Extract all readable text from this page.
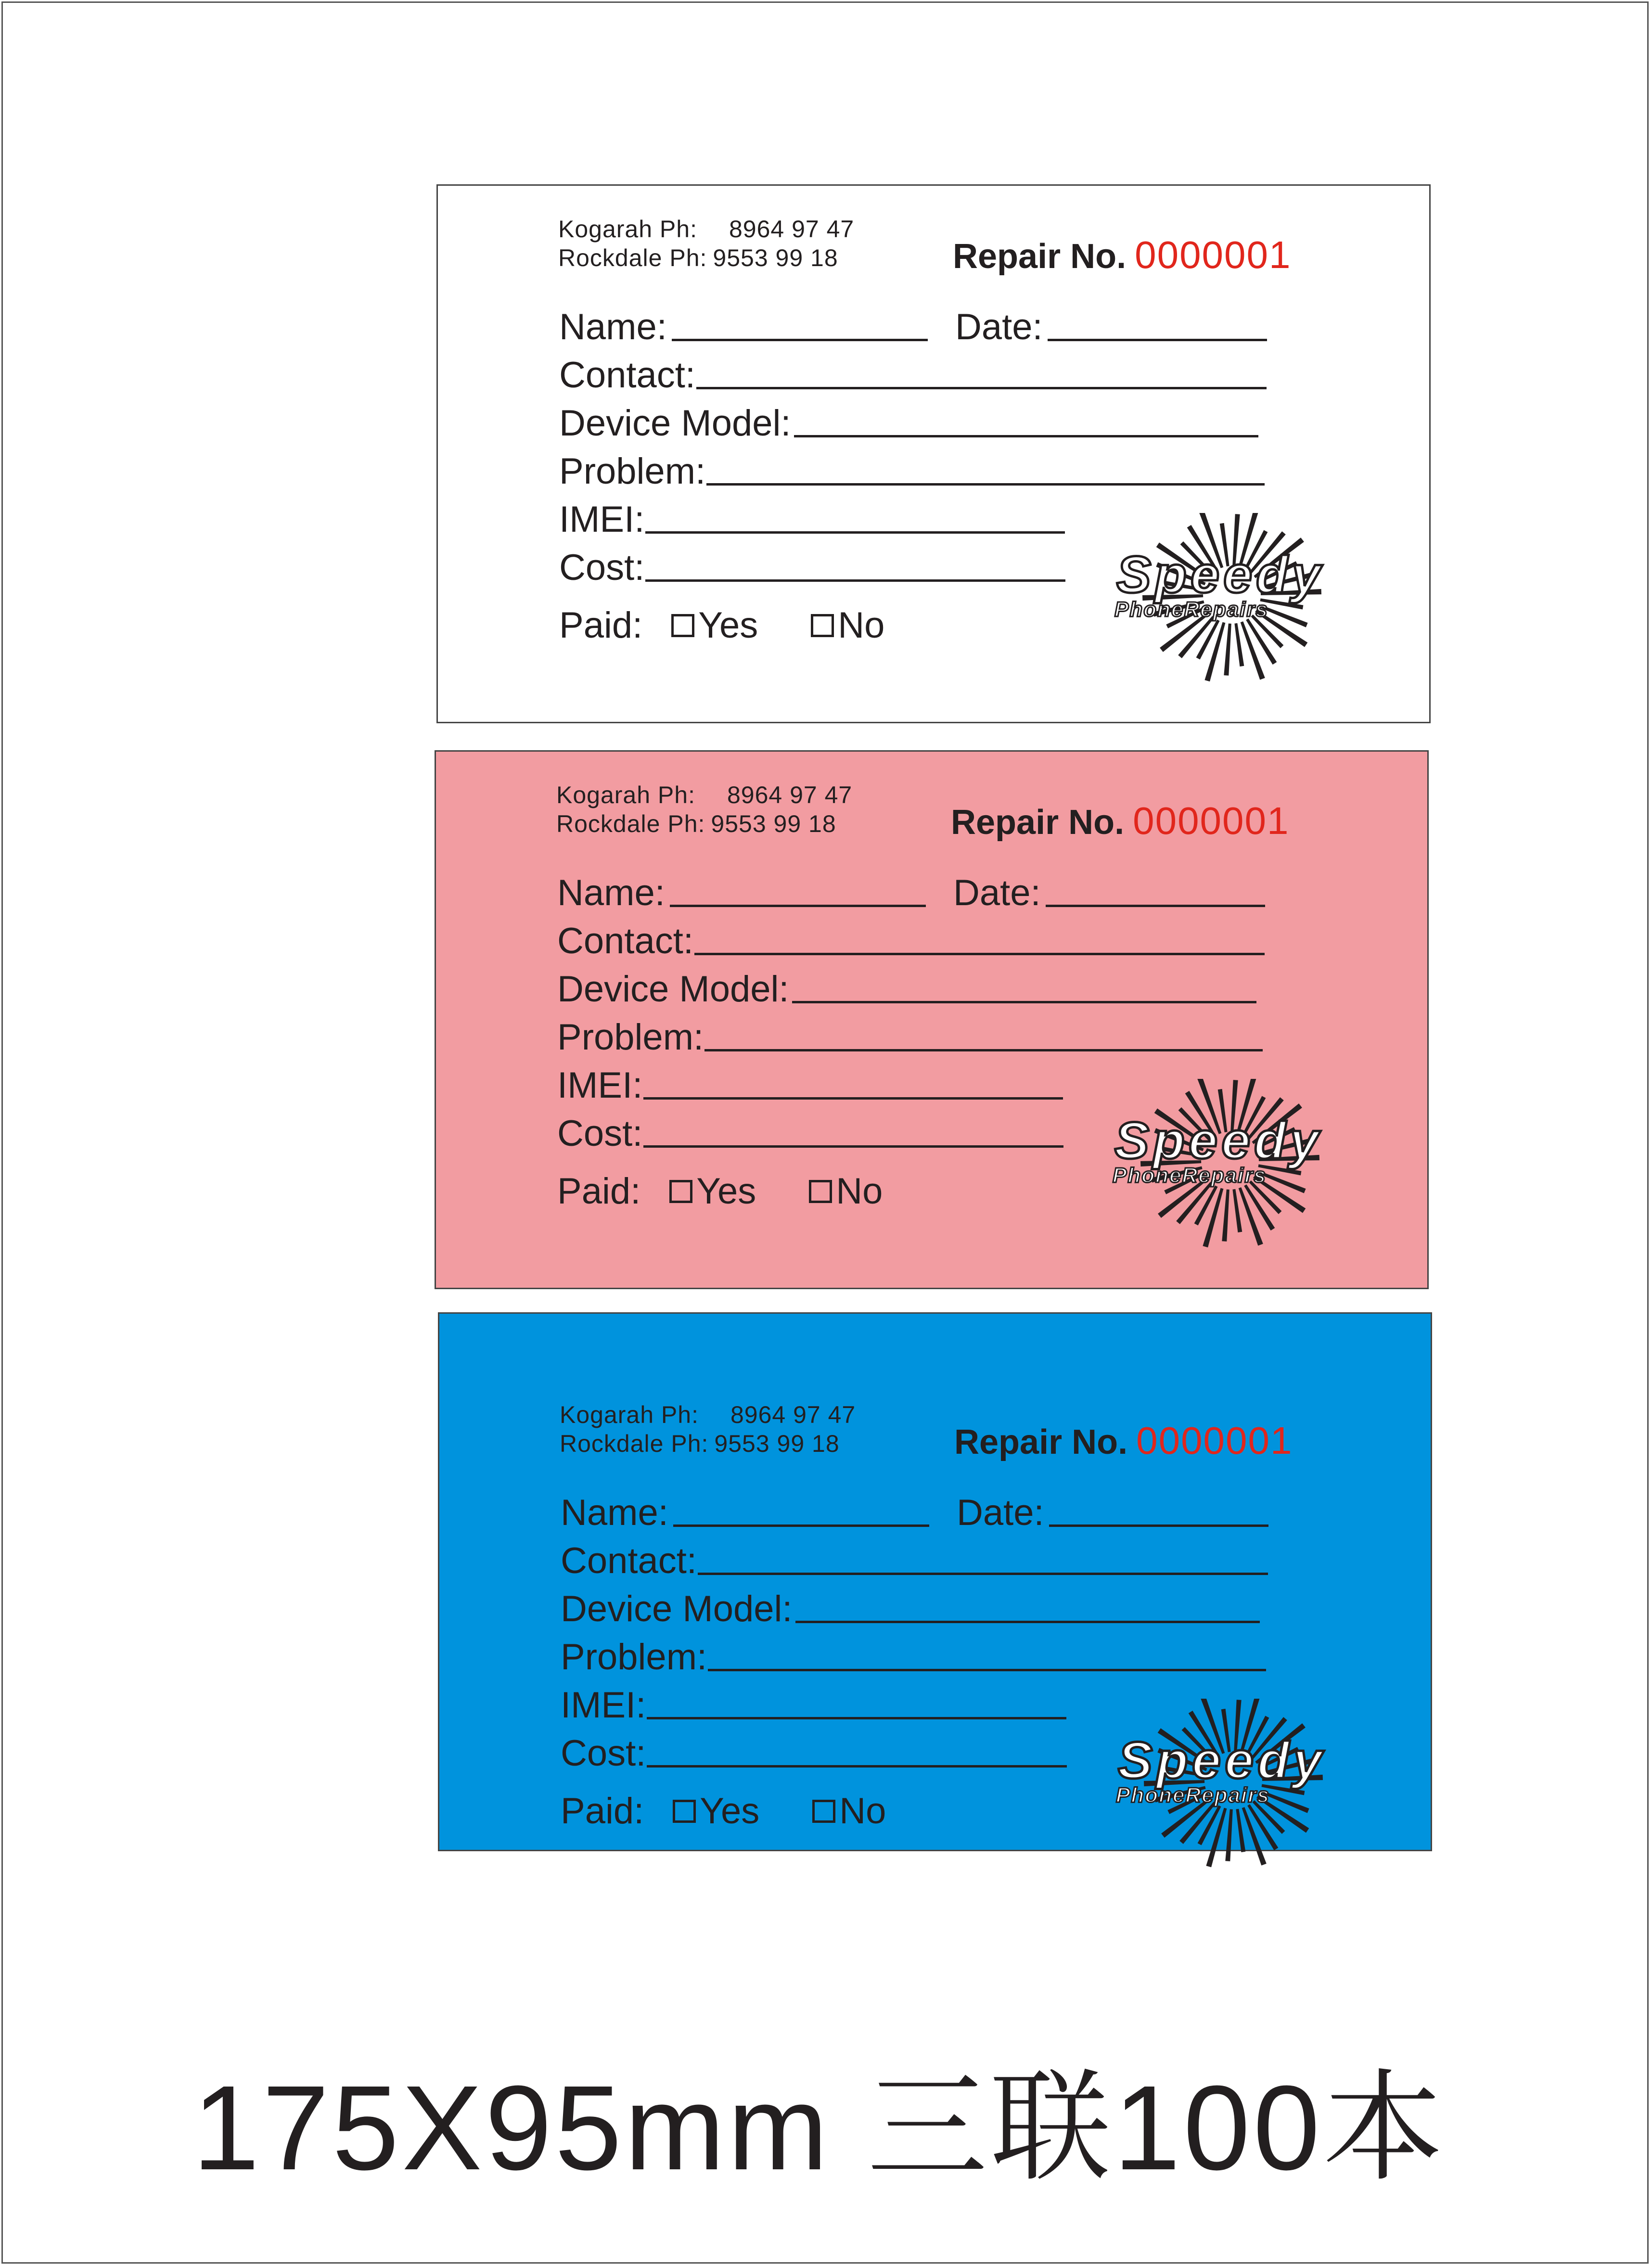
Kogarah Ph: 8964 97 47
Rockdale Ph: 9553 99 18	Repair No. 0000001
Name:	Date:
Contact:
Device Model:
Problem:
IMEI:
Cost:
Paid: Yes No
Speedy
PhoneRepairs
Kogarah Ph: 8964 97 47
Rockdale Ph: 9553 99 18	Repair No. 0000001
Name:	Date:
Contact:
Device Model:
Problem:
IMEI:
Cost:
Paid: Yes No
Speedy
PhoneRepairs
Kogarah Ph: 8964 97 47
Rockdale Ph: 9553 99 18	Repair No. 0000001
Name:	Date:
Contact:
Device Model:
Problem:
IMEI:
Cost:
Paid: Yes No
Speedy
PhoneRepairs
175X95mm 三联100本
